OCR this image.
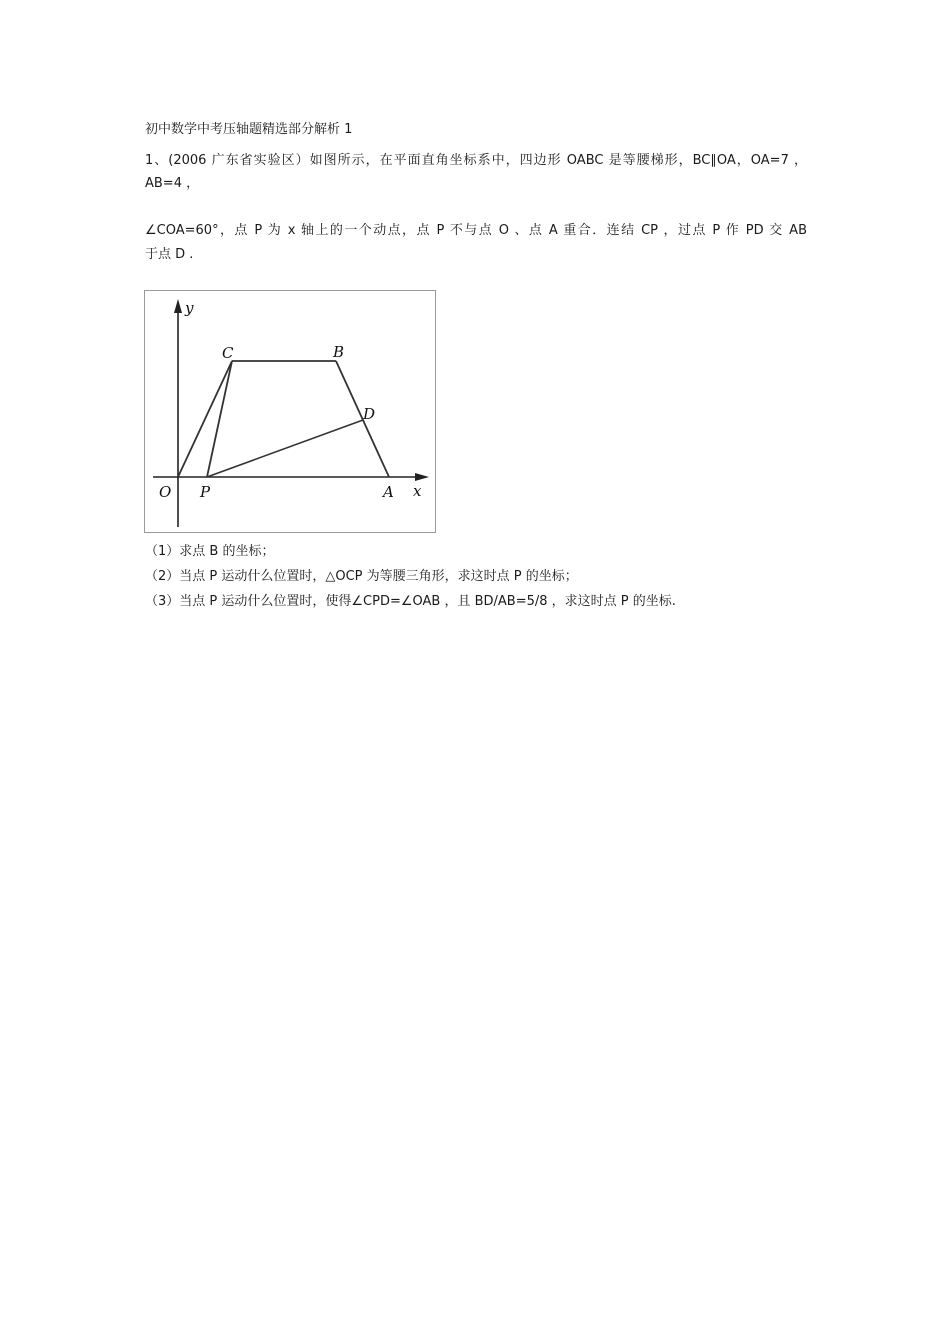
初中数学中考压轴题精选部分解析 1
1、(2006 广东省实验区）如图所示，在平面直角坐标系中，四边形 OABC 是等腰梯形，BC∥OA，OA=7 ，
AB=4 ，
∠COA=60°，点 P 为 x 轴上的一个动点，点 P 不与点 O 、点 A 重合．连结 CP ，过点 P 作 PD 交 AB
于点 D .
y
x
O P	A
B
C
D
（1）求点 B 的坐标；
（2）当点 P 运动什么位置时，△OCP 为等腰三角形，求这时点 P 的坐标；
（3）当点 P 运动什么位置时，使得∠CPD=∠OAB ，且 BD/AB=5/8 ，求这时点 P 的坐标.
